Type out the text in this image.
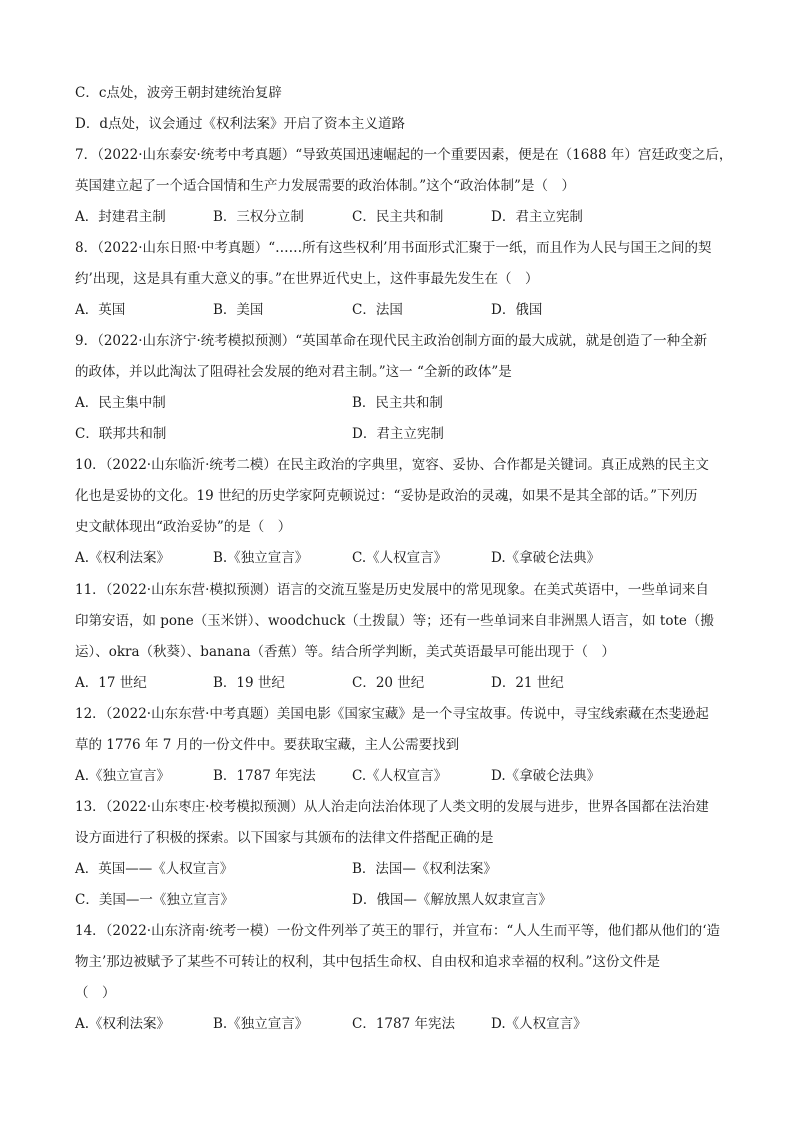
C．c点处，波旁王朝封建统治复辟
D．d点处，议会通过《权利法案》开启了资本主义道路
7．（2022·山东泰安·统考中考真题）“导致英国迅速崛起的一个重要因素，便是在（1688 年）宫廷政变之后，
英国建立起了一个适合国情和生产力发展需要的政治体制。”这个“政治体制”是（　）
A．封建君主制	B．三权分立制	C．民主共和制	D．君主立宪制
8．（2022·山东日照·中考真题）“……所有这些权利’用书面形式汇聚于一纸，而且作为人民与国王之间的契
约’出现，这是具有重大意义的事。”在世界近代史上，这件事最先发生在（　）
A．英国	B．美国	C．法国	D．俄国
9．（2022·山东济宁·统考模拟预测）“英国革命在现代民主政治创制方面的最大成就，就是创造了一种全新
的政体，并以此淘汰了阻碍社会发展的绝对君主制。”这一 “全新的政体”是
A．民主集中制	B．民主共和制
C．联邦共和制	D．君主立宪制
10．（2022·山东临沂·统考二模）在民主政治的字典里，宽容、妥协、合作都是关键词。真正成熟的民主文
化也是妥协的文化。19 世纪的历史学家阿克顿说过：“妥协是政治的灵魂，如果不是其全部的话。”下列历
史文献体现出“政治妥协”的是（　）
A.《权利法案》	B.《独立宣言》	C.《人权宣言》	D.《拿破仑法典》
11．（2022·山东东营·模拟预测）语言的交流互鉴是历史发展中的常见现象。在美式英语中，一些单词来自
印第安语，如 pone（玉米饼）、woodchuck（土拨鼠）等；还有一些单词来自非洲黑人语言，如 tote（搬
运）、okra（秋葵）、banana（香蕉）等。结合所学判断，美式英语最早可能出现于（　）
A．17 世纪	B．19 世纪	C．20 世纪	D．21 世纪
12．（2022·山东东营·中考真题）美国电影《国家宝藏》是一个寻宝故事。传说中，寻宝线索藏在杰斐逊起
草的 1776 年 7 月的一份文件中。要获取宝藏，主人公需要找到
A.《独立宣言》	B．1787 年宪法	C.《人权宣言》	D.《拿破仑法典》
13．（2022·山东枣庄·校考模拟预测）从人治走向法治体现了人类文明的发展与进步，世界各国都在法治建
设方面进行了积极的探索。以下国家与其颁布的法律文件搭配正确的是
A．英国——《人权宣言》	B．法国—《权利法案》
C．美国—一《独立宣言》	D．俄国—《解放黑人奴隶宣言》
14．（2022·山东济南·统考一模）一份文件列举了英王的罪行，并宣布：“人人生而平等，他们都从他们的‘造
物主’那边被赋予了某些不可转让的权利，其中包括生命权、自由权和追求幸福的权利。”这份文件是
（　）
A.《权利法案》	B.《独立宣言》	C．1787 年宪法	D.《人权宣言》
